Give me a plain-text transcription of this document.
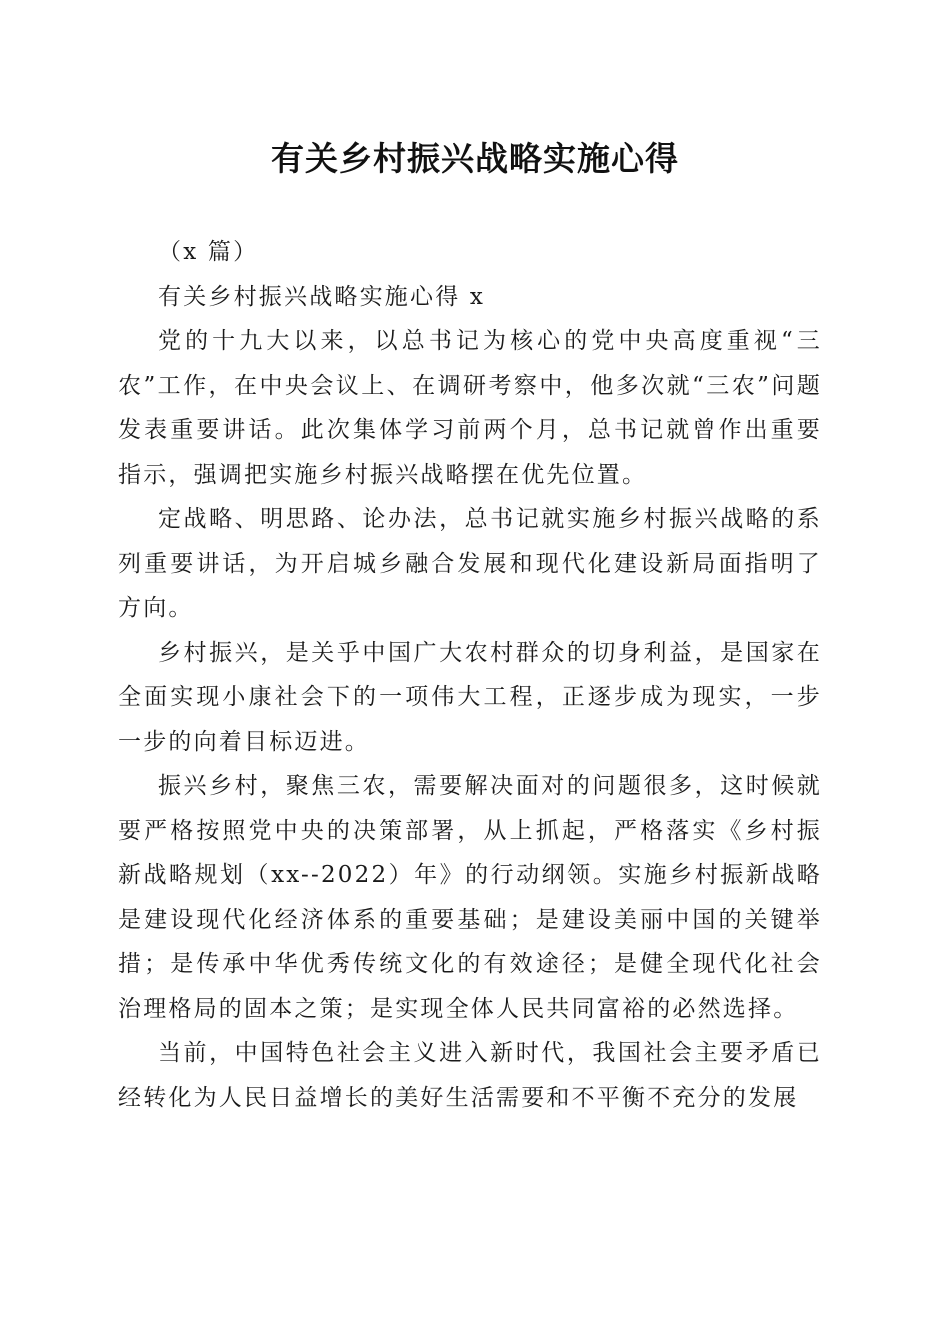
有关乡村振兴战略实施心得

（x 篇）

有关乡村振兴战略实施心得 x

党的十九大以来，以总书记为核心的党中央高度重视“三农”工作，在中央会议上、在调研考察中，他多次就“三农”问题发表重要讲话。此次集体学习前两个月，总书记就曾作出重要指示，强调把实施乡村振兴战略摆在优先位置。

定战略、明思路、论办法，总书记就实施乡村振兴战略的系列重要讲话，为开启城乡融合发展和现代化建设新局面指明了方向。

乡村振兴，是关乎中国广大农村群众的切身利益，是国家在全面实现小康社会下的一项伟大工程，正逐步成为现实，一步一步的向着目标迈进。

振兴乡村，聚焦三农，需要解决面对的问题很多，这时候就要严格按照党中央的决策部署，从上抓起，严格落实《乡村振新战略规划（xx--2022）年》的行动纲领。实施乡村振新战略是建设现代化经济体系的重要基础；是建设美丽中国的关键举措；是传承中华优秀传统文化的有效途径；是健全现代化社会治理格局的固本之策；是实现全体人民共同富裕的必然选择。

当前，中国特色社会主义进入新时代，我国社会主要矛盾已经转化为人民日益增长的美好生活需要和不平衡不充分的发展
